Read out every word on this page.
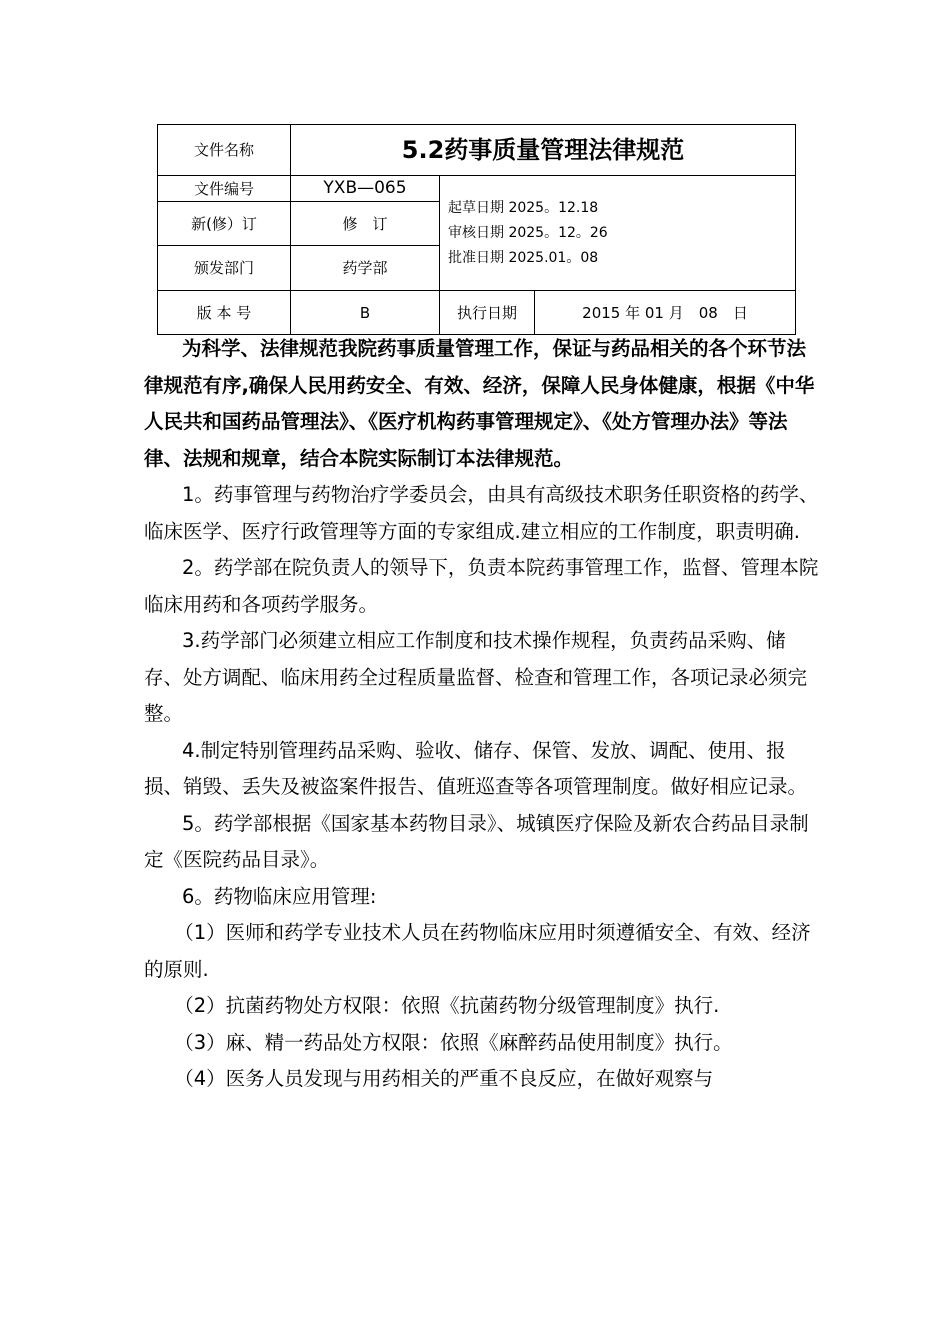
文件名称	5.2药事质量管理法律规范		
文件编号	YXB—065	起草日期 2025。12.18
审核日期 2025。12。26
批准日期 2025.01。08	

新(修）订	修　订		
颁发部门	药学部		
版 本 号	B	执行日期	2015 年 01 月　08　日

为科学、法律规范我院药事质量管理工作，保证与药品相关的各个环节法律规范有序,确保人民用药安全、有效、经济，保障人民身体健康，根据《中华人民共和国药品管理法》、《医疗机构药事管理规定》、《处方管理办法》等法律、法规和规章，结合本院实际制订本法律规范。

1。药事管理与药物治疗学委员会，由具有高级技术职务任职资格的药学、临床医学、医疗行政管理等方面的专家组成.建立相应的工作制度，职责明确.

2。药学部在院负责人的领导下，负责本院药事管理工作，监督、管理本院临床用药和各项药学服务。

3.药学部门必须建立相应工作制度和技术操作规程，负责药品采购、储存、处方调配、临床用药全过程质量监督、检查和管理工作，各项记录必须完整。

4.制定特别管理药品采购、验收、储存、保管、发放、调配、使用、报损、销毁、丢失及被盗案件报告、值班巡查等各项管理制度。做好相应记录。

5。药学部根据《国家基本药物目录》、城镇医疗保险及新农合药品目录制定《医院药品目录》。

6。药物临床应用管理:

（1）医师和药学专业技术人员在药物临床应用时须遵循安全、有效、经济的原则.

（2）抗菌药物处方权限：依照《抗菌药物分级管理制度》执行.

（3）麻、精一药品处方权限：依照《麻醉药品使用制度》执行。

（4）医务人员发现与用药相关的严重不良反应，在做好观察与
